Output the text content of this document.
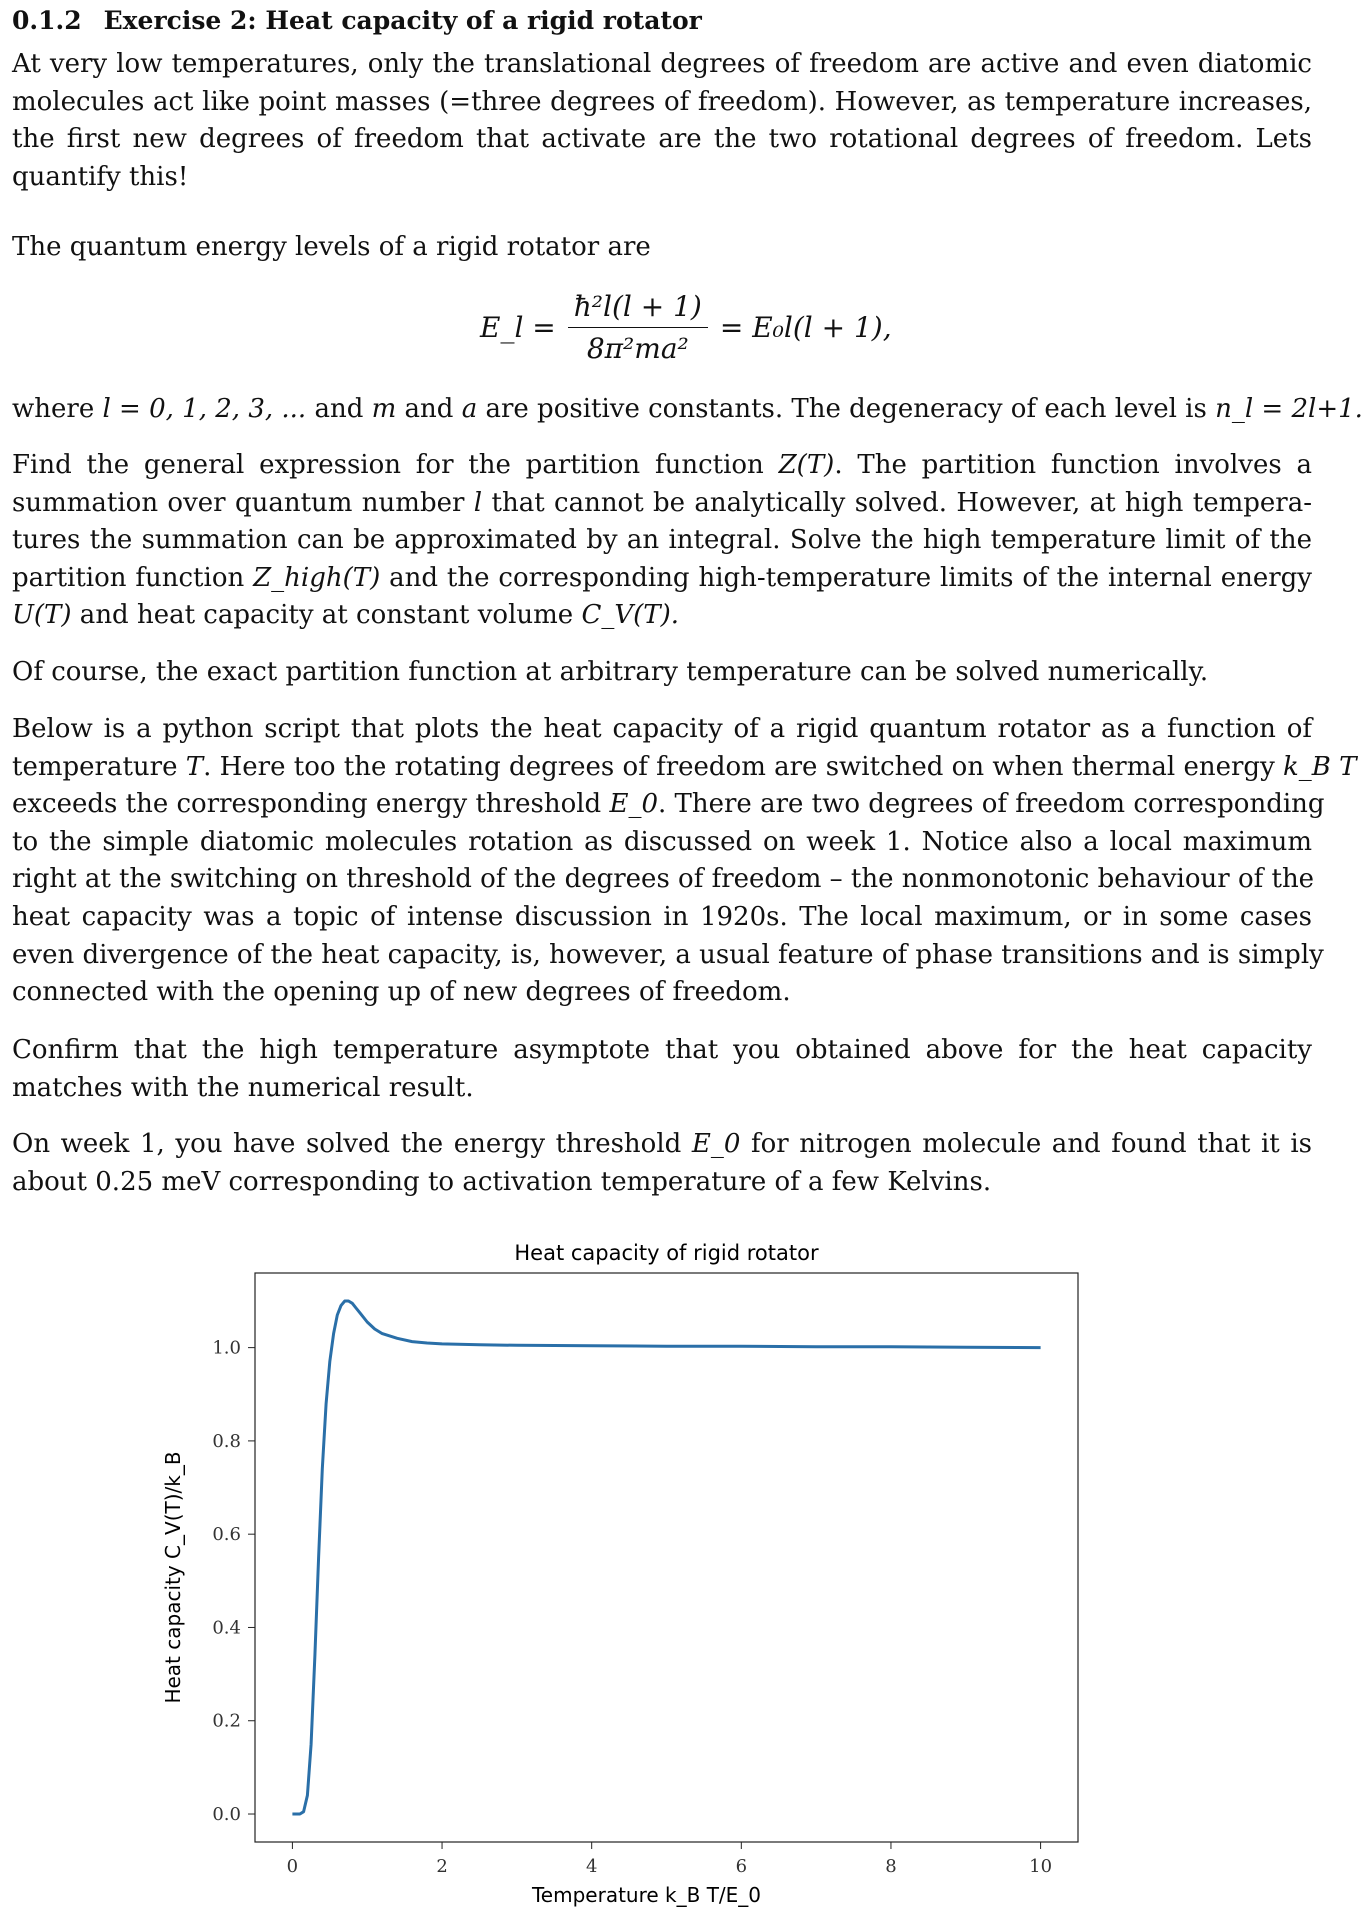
0.1.2 Exercise 2: Heat capacity of a rigid rotator
At very low temperatures, only the translational degrees of freedom are active and even diatomic
molecules act like point masses (=three degrees of freedom). However, as temperature increases,
the first new degrees of freedom that activate are the two rotational degrees of freedom. Lets
quantify this!
The quantum energy levels of a rigid rotator are
E_l = $\frac{\text{ħ²l(l + 1)}}{\text{8π²ma²}} = E_0l(l + 1)$,
where l = 0, 1, 2, 3, ... and m and a are positive constants. The degeneracy of each level is n_l = 2l+1.
Find the general expression for the partition function Z(T). The partition function involves a
summation over quantum number l that cannot be analytically solved. However, at high tempera-
tures the summation can be approximated by an integral. Solve the high temperature limit of the
partition function Z_high(T) and the corresponding high-temperature limits of the internal energy
U(T) and heat capacity at constant volume C_V(T).
Of course, the exact partition function at arbitrary temperature can be solved numerically.
Below is a python script that plots the heat capacity of a rigid quantum rotator as a function of
temperature T. Here too the rotating degrees of freedom are switched on when thermal energy k_B T
exceeds the corresponding energy threshold E_0. There are two degrees of freedom corresponding
to the simple diatomic molecules rotation as discussed on week 1. Notice also a local maximum
right at the switching on threshold of the degrees of freedom – the nonmonotonic behaviour of the
heat capacity was a topic of intense discussion in 1920s. The local maximum, or in some cases
even divergence of the heat capacity, is, however, a usual feature of phase transitions and is simply
connected with the opening up of new degrees of freedom.
Confirm that the high temperature asymptote that you obtained above for the heat capacity
matches with the numerical result.
On week 1, you have solved the energy threshold E_0 for nitrogen molecule and found that it is
about 0.25 meV corresponding to activation temperature of a few Kelvins.
Heat capacity of rigid rotator
0	2	4	6	8	10
0.0
0.2
0.4
0.6
0.8
1.0
Temperature k_B T/E_0
Heat capacity C_V(T)/k_B
